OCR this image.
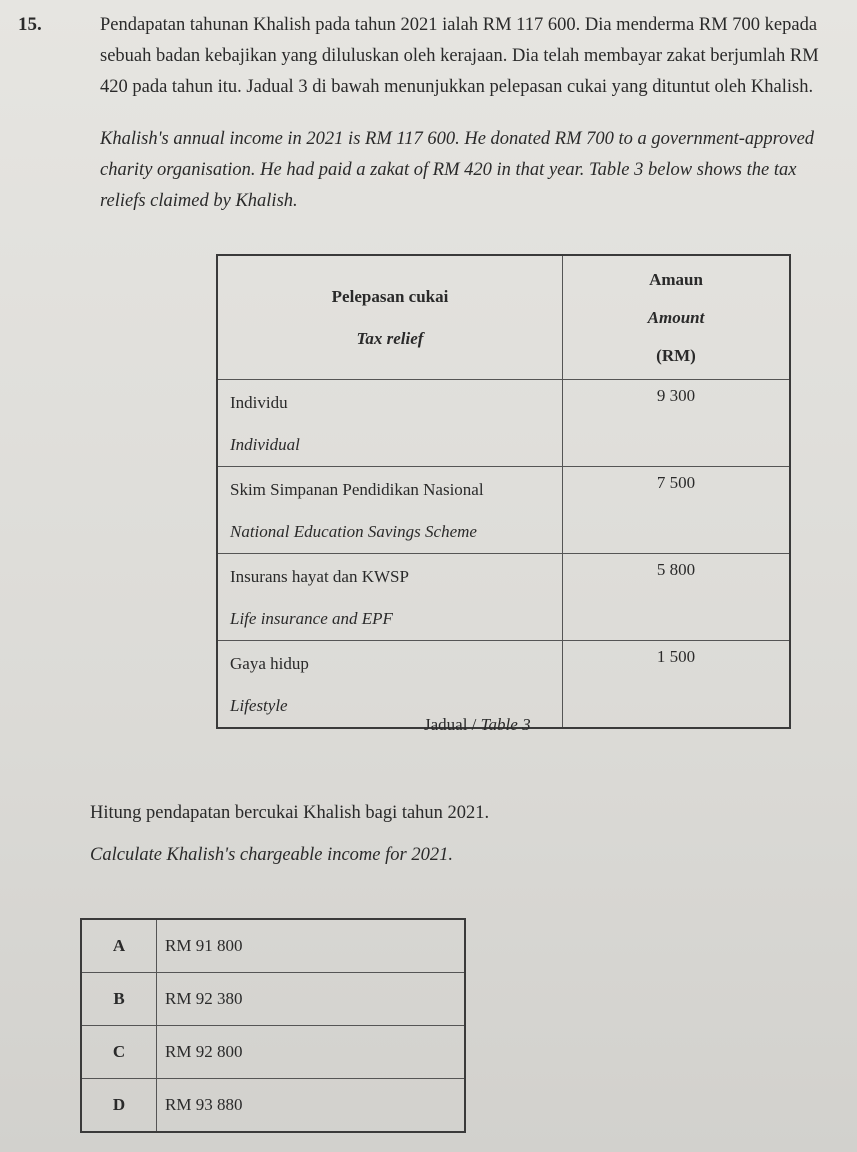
15.	Pendapatan tahunan Khalish pada tahun 2021 ialah RM 117 600. Dia menderma RM 700 kepada
sebuah badan kebajikan yang diluluskan oleh kerajaan. Dia telah membayar zakat berjumlah RM
420 pada tahun itu. Jadual 3 di bawah menunjukkan pelepasan cukai yang dituntut oleh Khalish.
Khalish's annual income in 2021 is RM 117 600. He donated RM 700 to a government-approved
charity organisation. He had paid a zakat of RM 420 in that year. Table 3 below shows the tax
reliefs claimed by Khalish.
Pelepasan cukai
Tax relief	Amaun
Amount
(RM)

Individu
Individual	9 300

Skim Simpanan Pendidikan Nasional
National Education Savings Scheme	7 500

Insurans hayat dan KWSP
Life insurance and EPF	5 800

Gaya hidup
Lifestyle	1 500
Jadual / Table 3
Hitung pendapatan bercukai Khalish bagi tahun 2021.
Calculate Khalish's chargeable income for 2021.
A	RM 91 800
B	RM 92 380
C	RM 92 800
D	RM 93 880
